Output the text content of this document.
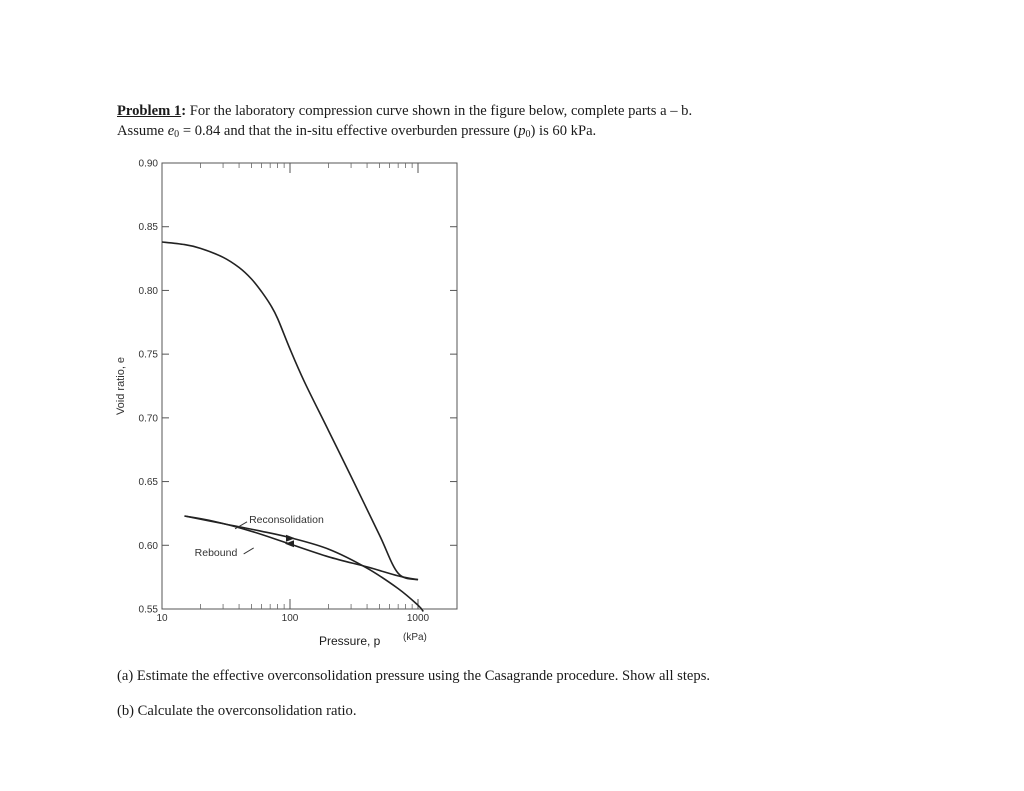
Problem 1: For the laboratory compression curve shown in the figure below, complete parts a – b.
Assume $e_0 = 0.84$ and that the in-situ effective overburden pressure $(p_0)$ is 60 kPa.
0.90
0.85
0.80
0.75
0.70
0.65
0.60
0.55
10	100	1000
Reconsolidation
Rebound
Void ratio, e
Pressure, p (kPa)
(a) Estimate the effective overconsolidation pressure using the Casagrande procedure. Show all steps.
(b) Calculate the overconsolidation ratio.
